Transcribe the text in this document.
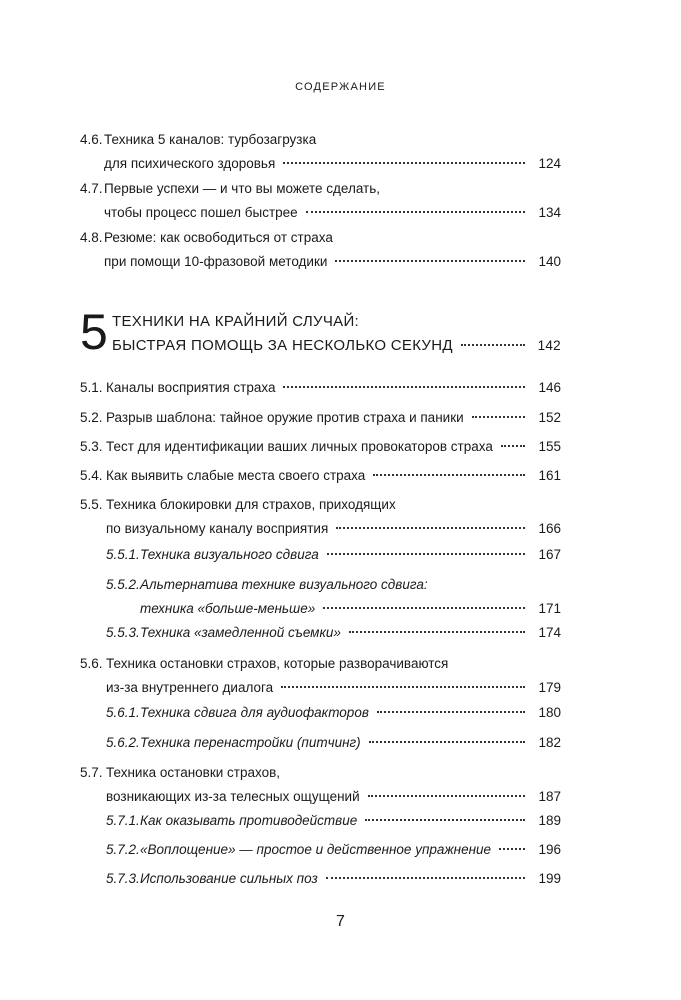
СОДЕРЖАНИЕ
4.6. Техника 5 каналов: турбозагрузка
для психического здоровья	124
4.7. Первые успехи — и что вы можете сделать,
чтобы процесс пошел быстрее	134
4.8. Резюме: как освободиться от страха
при помощи 10-фразовой методики	140
5 ТЕХНИКИ НА КРАЙНИЙ СЛУЧАЙ:
БЫСТРАЯ ПОМОЩЬ ЗА НЕСКОЛЬКО СЕКУНД	142
5.1. Каналы восприятия страха	146
5.2. Разрыв шаблона: тайное оружие против страха и паники	152
5.3. Тест для идентификации ваших личных провокаторов страха	155
5.4. Как выявить слабые места своего страха	161
5.5. Техника блокировки для страхов, приходящих
по визуальному каналу восприятия	166
5.5.1. Техника визуального сдвига	167
5.5.2. Альтернатива технике визуального сдвига:
техника «больше-меньше»	171
5.5.3. Техника «замедленной съемки»	174
5.6. Техника остановки страхов, которые разворачиваются
из-за внутреннего диалога	179
5.6.1. Техника сдвига для аудиофакторов	180
5.6.2. Техника перенастройки (питчинг)	182
5.7. Техника остановки страхов,
возникающих из-за телесных ощущений	187
5.7.1. Как оказывать противодействие	189
5.7.2. «Воплощение» — простое и действенное упражнение	196
5.7.3. Использование сильных поз	199
7
